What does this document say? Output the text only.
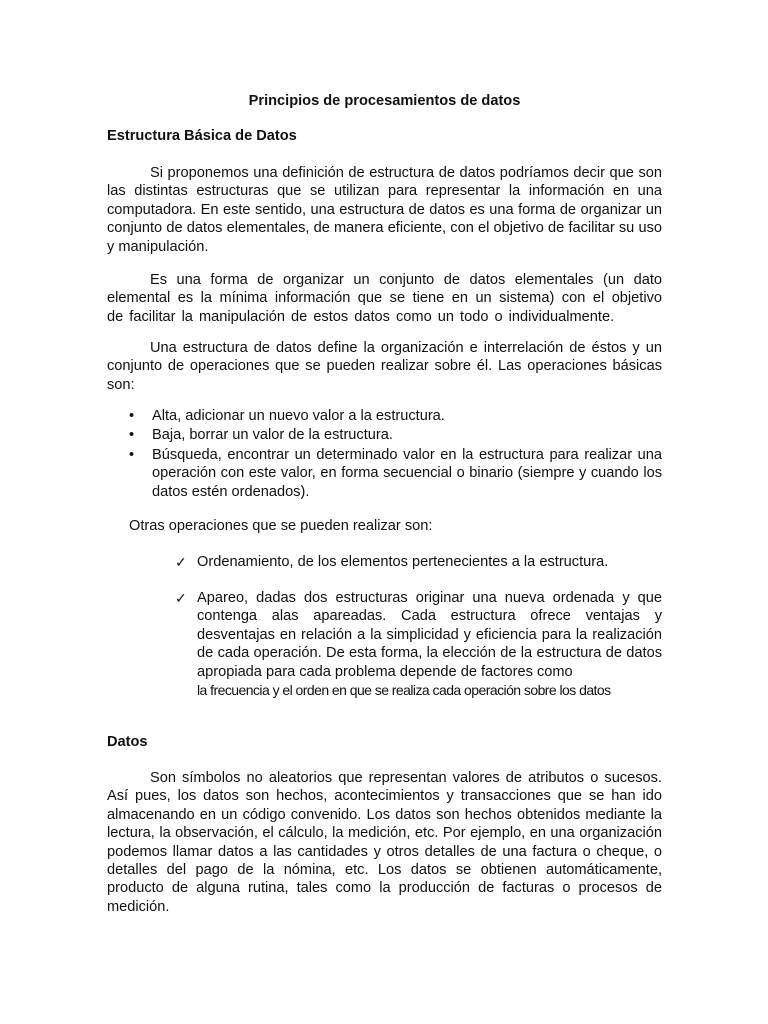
Principios de procesamientos de datos
Estructura Básica de Datos

Si proponemos una definición de estructura de datos podríamos decir que son las distintas estructuras que se utilizan para representar la información en una computadora. En este sentido, una estructura de datos es una forma de organizar un conjunto de datos elementales, de manera eficiente, con el objetivo de facilitar su uso y manipulación.

Es una forma de organizar un conjunto de datos elementales (un dato elemental es la mínima información que se tiene en un sistema) con el objetivo de facilitar la manipulación de estos datos como un todo o individualmente.

Una estructura de datos define la organización e interrelación de éstos y un conjunto de operaciones que se pueden realizar sobre él. Las operaciones básicas son:

• Alta, adicionar un nuevo valor a la estructura.
• Baja, borrar un valor de la estructura.
• Búsqueda, encontrar un determinado valor en la estructura para realizar una operación con este valor, en forma secuencial o binario (siempre y cuando los datos estén ordenados).

Otras operaciones que se pueden realizar son:

✓ Ordenamiento, de los elementos pertenecientes a la estructura.
✓ Apareo, dadas dos estructuras originar una nueva ordenada y que contenga alas apareadas. Cada estructura ofrece ventajas y desventajas en relación a la simplicidad y eficiencia para la realización de cada operación. De esta forma, la elección de la estructura de datos apropiada para cada problema depende de factores como
la frecuencia y el orden en que se realiza cada operación sobre los datos
Datos

Son símbolos no aleatorios que representan valores de atributos o sucesos. Así pues, los datos son hechos, acontecimientos y transacciones que se han ido almacenando en un código convenido. Los datos son hechos obtenidos mediante la lectura, la observación, el cálculo, la medición, etc. Por ejemplo, en una organización podemos llamar datos a las cantidades y otros detalles de una factura o cheque, o detalles del pago de la nómina, etc. Los datos se obtienen automáticamente, producto de alguna rutina, tales como la producción de facturas o procesos de medición.
